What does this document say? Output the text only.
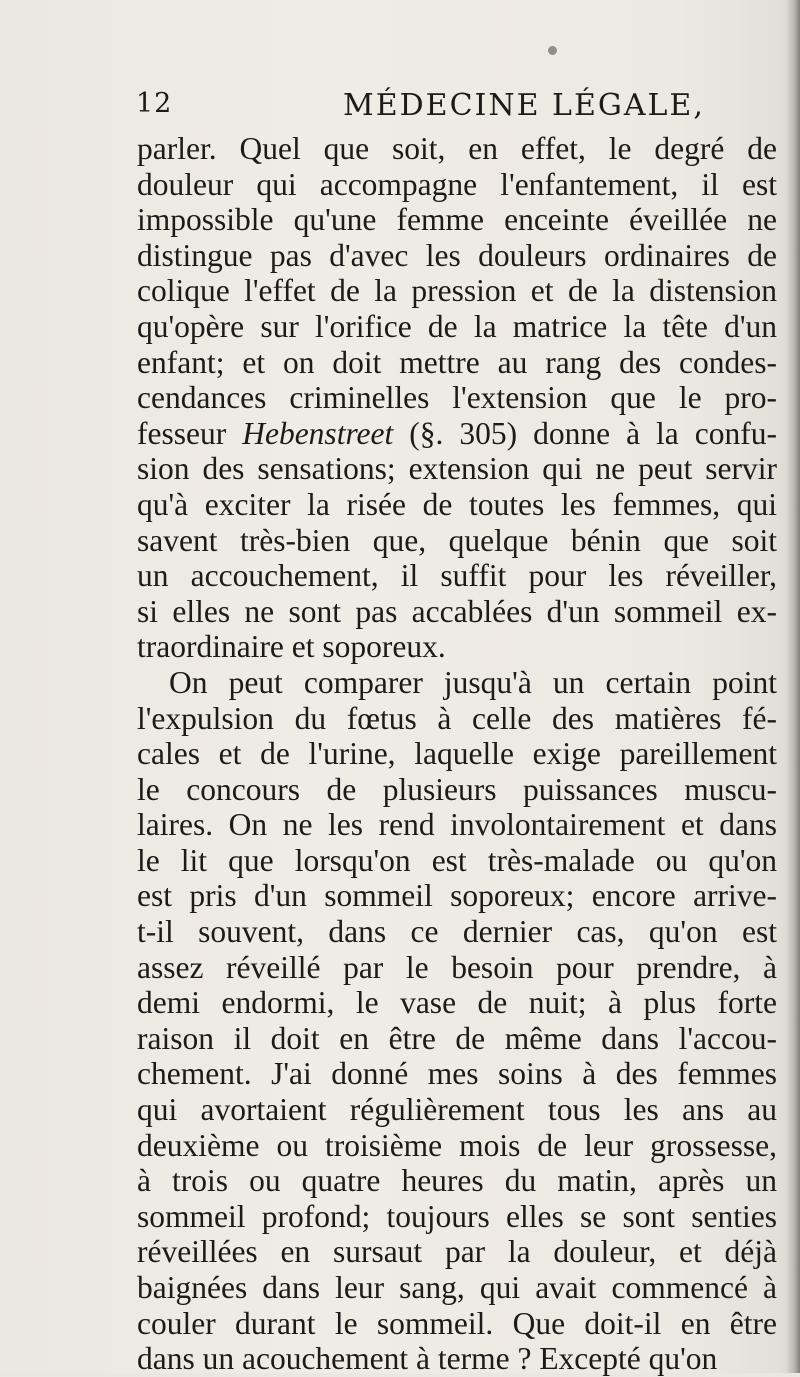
12	MÉDECINE LÉGALE,
parler. Quel que soit, en effet, le degré de
douleur qui accompagne l'enfantement, il est
impossible qu'une femme enceinte éveillée ne
distingue pas d'avec les douleurs ordinaires de
colique l'effet de la pression et de la distension
qu'opère sur l'orifice de la matrice la tête d'un
enfant; et on doit mettre au rang des condes-
cendances criminelles l'extension que le pro-
fesseur Hebenstreet (§. 305) donne à la confu-
sion des sensations; extension qui ne peut servir
qu'à exciter la risée de toutes les femmes, qui
savent très-bien que, quelque bénin que soit
un accouchement, il suffit pour les réveiller,
si elles ne sont pas accablées d'un sommeil ex-
traordinaire et soporeux.
On peut comparer jusqu'à un certain point
l'expulsion du fœtus à celle des matières fé-
cales et de l'urine, laquelle exige pareillement
le concours de plusieurs puissances muscu-
laires. On ne les rend involontairement et dans
le lit que lorsqu'on est très-malade ou qu'on
est pris d'un sommeil soporeux; encore arrive-
t-il souvent, dans ce dernier cas, qu'on est
assez réveillé par le besoin pour prendre, à
demi endormi, le vase de nuit; à plus forte
raison il doit en être de même dans l'accou-
chement. J'ai donné mes soins à des femmes
qui avortaient régulièrement tous les ans au
deuxième ou troisième mois de leur grossesse,
à trois ou quatre heures du matin, après un
sommeil profond; toujours elles se sont senties
réveillées en sursaut par la douleur, et déjà
baignées dans leur sang, qui avait commencé à
couler durant le sommeil. Que doit-il en être
dans un acouchement à terme ? Excepté qu'on
